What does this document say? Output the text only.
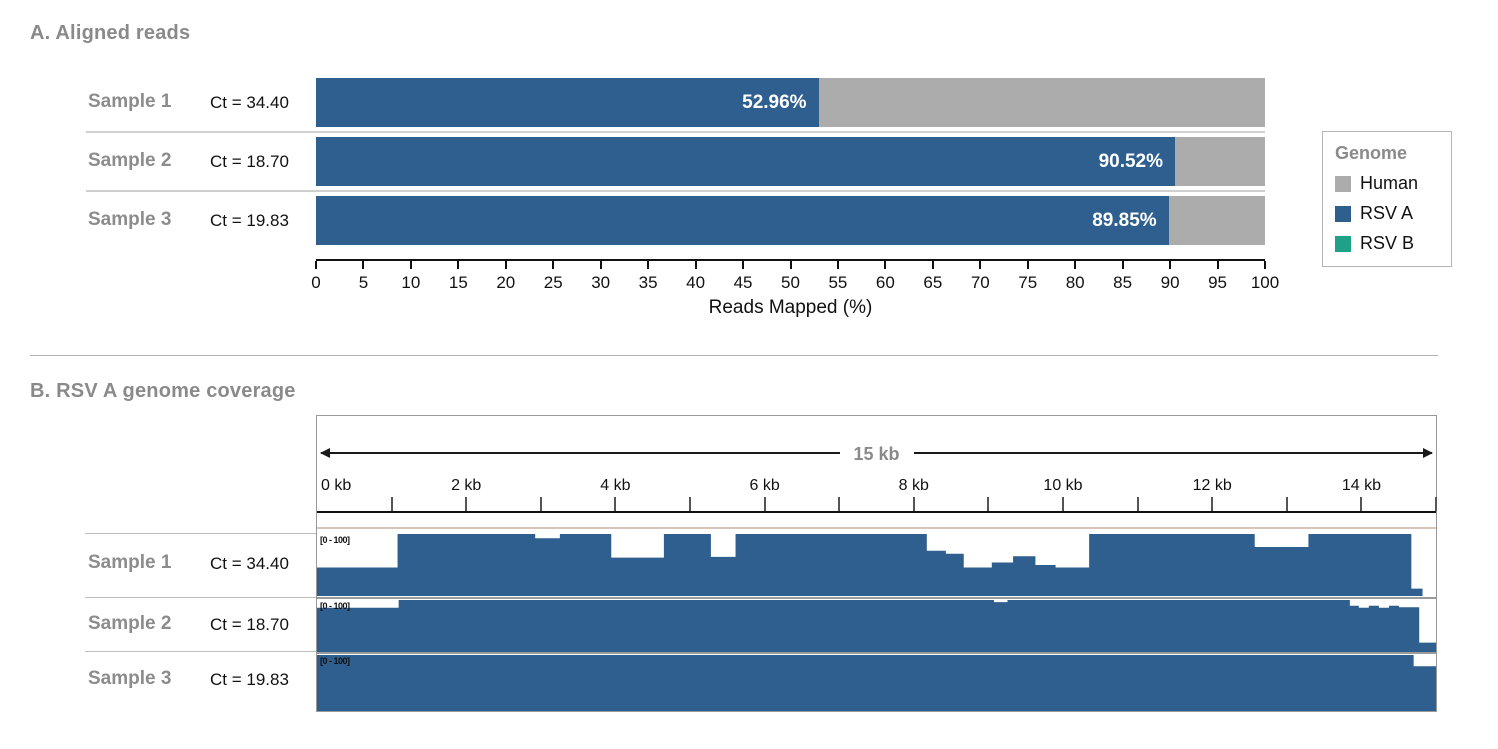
A. Aligned reads
Sample 1 Ct = 34.40	52.96%
Sample 2 Ct = 18.70	90.52%
Sample 3 Ct = 19.83	89.85%
0 5 10 15 20 25 30 35 40 45 50 55 60 65 70 75 80 85 90 95 100
Reads Mapped (%)
Genome
Human
RSV A
RSV B
B. RSV A genome coverage
Sample 1 Ct = 34.40
Sample 2 Ct = 18.70
Sample 3 Ct = 19.83
15 kb
0 kb	2 kb	4 kb	6 kb	8 kb	10 kb	12 kb	14 kb
[0 - 100]
[0 - 100]
[0 - 100]
